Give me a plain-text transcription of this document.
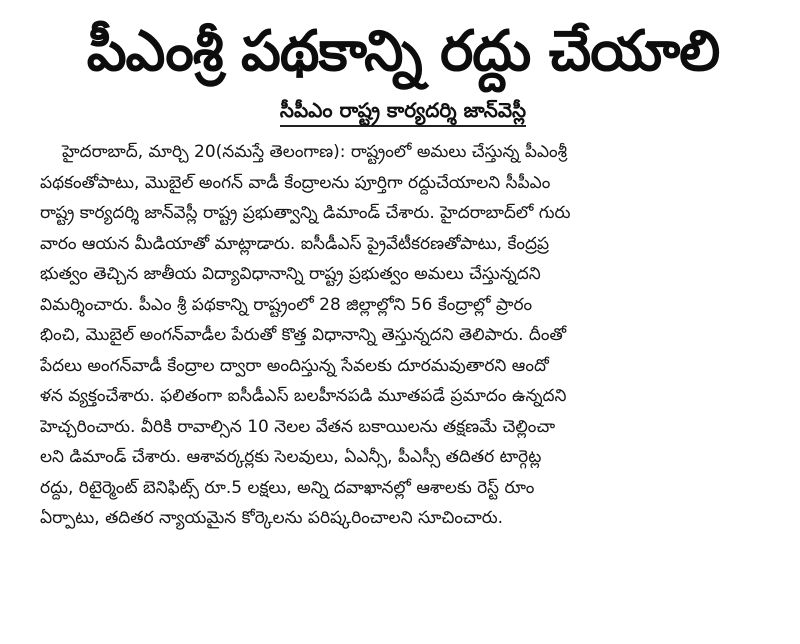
పీఎంశ్రీ పథకాన్ని రద్దు చేయాలి
సీపీఎం రాష్ట్ర కార్యదర్శి జాన్‌వెస్లీ
హైదరాబాద్, మార్చి 20(నమస్తే తెలంగాణ): రాష్ట్రంలో అమలు చేస్తున్న పీఎంశ్రీ
పథకంతోపాటు, మొబైల్ అంగన్ వాడీ కేంద్రాలను పూర్తిగా రద్దుచేయాలని సీపీఎం
రాష్ట్ర కార్యదర్శి జాన్‌వెస్లీ రాష్ట్ర ప్రభుత్వాన్ని డిమాండ్ చేశారు. హైదరాబాద్‌లో గురు
వారం ఆయన మీడియాతో మాట్లాడారు. ఐసీడీఎస్ ప్రైవేటీకరణతోపాటు, కేంద్రప్ర
భుత్వం తెచ్చిన జాతీయ విద్యావిధానాన్ని రాష్ట్ర ప్రభుత్వం అమలు చేస్తున్నదని
విమర్శించారు. పీఎం శ్రీ పథకాన్ని రాష్ట్రంలో 28 జిల్లాల్లోని 56 కేంద్రాల్లో ప్రారం
భించి, మొబైల్ అంగన్‌వాడీల పేరుతో కొత్త విధానాన్ని తెస్తున్నదని తెలిపారు. దీంతో
పేదలు అంగన్‌వాడీ కేంద్రాల ద్వారా అందిస్తున్న సేవలకు దూరమవుతారని ఆందో
ళన వ్యక్తంచేశారు. ఫలితంగా ఐసీడీఎస్ బలహీనపడి మూతపడే ప్రమాదం ఉన్నదని
హెచ్చరించారు. వీరికి రావాల్సిన 10 నెలల వేతన బకాయిలను తక్షణమే చెల్లించా
లని డిమాండ్ చేశారు. ఆశావర్కర్లకు సెలవులు, ఏఎన్సీ, పీఎస్సీ తదితర టార్గెట్ల
రద్దు, రిటైర్మెంట్ బెనిఫిట్స్ రూ.5 లక్షలు, అన్ని దవాఖానల్లో ఆశాలకు రెస్ట్ రూం
ఏర్పాటు, తదితర న్యాయమైన కోర్కెలను పరిష్కరించాలని సూచించారు.
